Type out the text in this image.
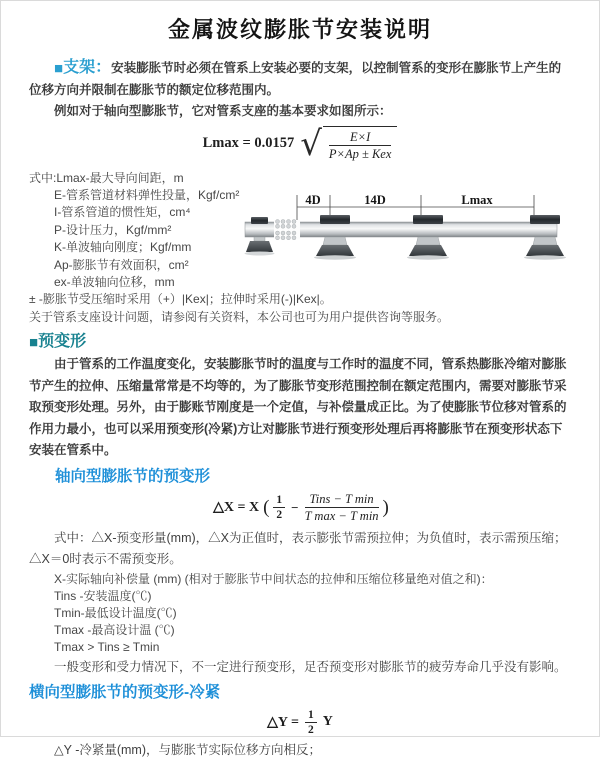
金属波纹膨胀节安装说明

■支架：安装膨胀节时必须在管系上安装必要的支架，以控制管系的变形在膨胀节上产生的位移方向并限制在膨胀节的额定位移范围内。

例如对于轴向型膨胀节，它对管系支座的基本要求如图所示：

Lmax = 0.0157 √ $\frac{E\times I}{\text{P×Ap ± Kex}}$
式中:Lmax-最大导向间距，m
E-管系管道材料弹性投量，Kgf/cm²
I-管系管道的惯性矩，cm⁴
P-设计压力，Kgf/mm²
K-单波轴向刚度；Kgf/mm
Ap-膨胀节有效面积，cm²
ex-单波轴向位移，mm
± -膨胀节受压缩时采用（+）|Kex|；拉伸时采用(-)|Kex|。
关于管系支座设计问题，请参阅有关资料，本公司也可为用户提供咨询等服务。
4D	14D	Lmax
■预变形

由于管系的工作温度变化，安装膨胀节时的温度与工作时的温度不同，管系热膨胀冷缩对膨胀节产生的拉伸、压缩量常常是不均等的，为了膨胀节变形范围控制在额定范围内，需要对膨胀节采取预变形处理。另外，由于膨账节刚度是一个定值，与补偿量成正比。为了使膨胀节位移对管系的作用力最小，也可以采用预变形(冷紧)方让对膨胀节进行预变形处理后再将膨胀节在预变形状态下安装在管系中。

轴向型膨胀节的预变形
△X = X ( $\frac{1}{2} - \frac{\text{Tins − T min}}{\text{T max − T min}}$ )

式中：△X-预变形量(mm)，△X为正值时，表示膨张节需预拉伸；为负值时，表示需预压缩；△X＝0时表示不需预变形。

X-实际轴向补偿量 (mm) (相对于膨胀节中间状态的拉伸和压缩位移量绝对值之和)：
Tins -安装温度(℃)
Tmin-最低设计温度(℃)
Tmax -最高设计温 (℃)
Tmax > Tins ≥ Tmin

一般变形和受力情况下，不一定进行预变形，足否预变形对膨胀节的疲劳寿命几乎没有影响。

横向型膨胀节的预变形-冷紧
△Y = $\frac{1}{2}$ Y

△Y -冷紧量(mm)，与膨胀节实际位移方向相反；
